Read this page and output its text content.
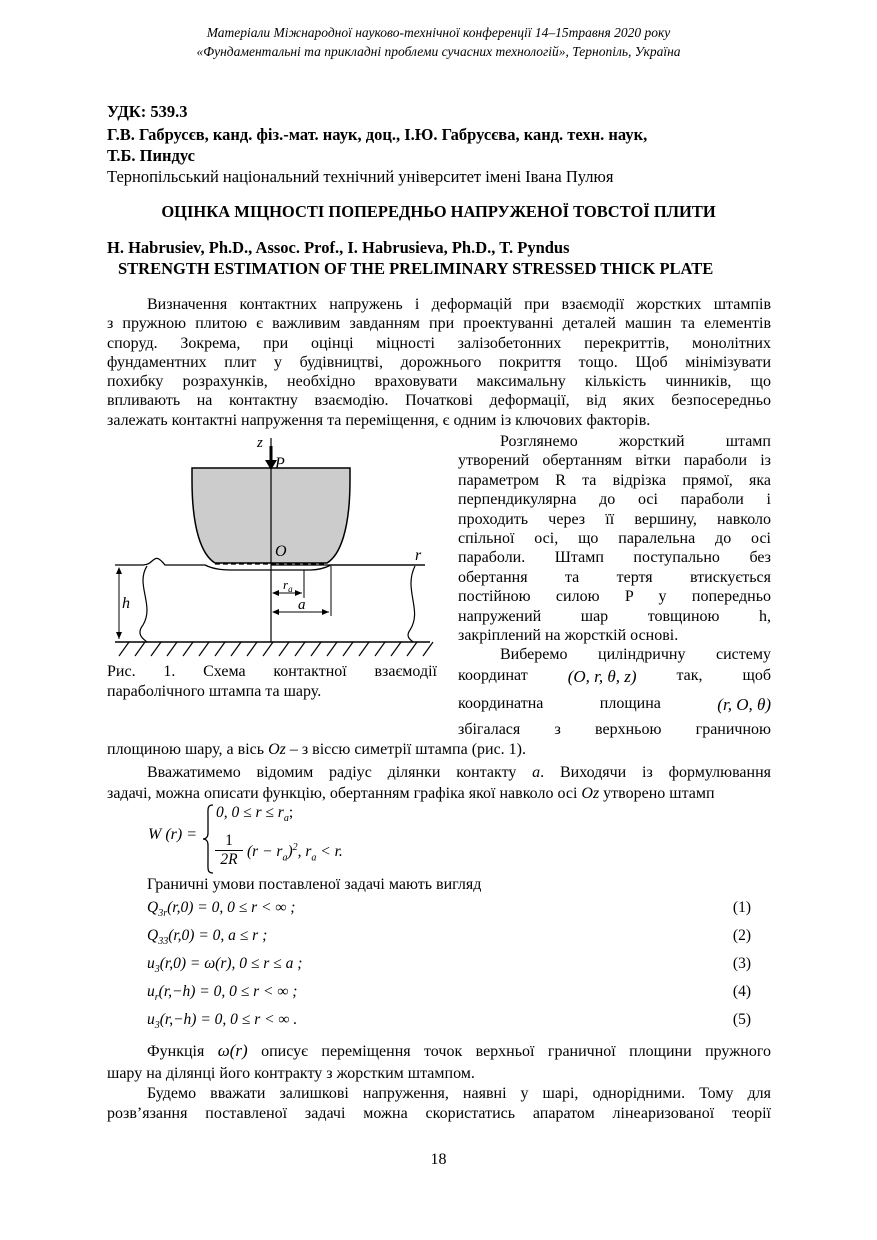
Матеріали Міжнародної науково-технічної конференції 14–15травня 2020 року
«Фундаментальні та прикладні проблеми сучасних технологій», Тернопіль, Україна
УДК: 539.3
Г.В. Габрусєв, канд. фіз.-мат. наук, доц., І.Ю. Габрусєва, канд. техн. наук,
Т.Б. Пиндус
Тернопільський національний технічний університет імені Івана Пулюя
ОЦІНКА МІЦНОСТІ ПОПЕРЕДНЬО НАПРУЖЕНОЇ ТОВСТОЇ ПЛИТИ
H. Habrusiev, Ph.D., Assoc. Prof., I. Habrusieva, Ph.D., T. Pyndus
STRENGTH ESTIMATION OF THE PRELIMINARY STRESSED THICK PLATE
Визначення контактних напружень і деформацій при взаємодії жорстких штампів
з пружною плитою є важливим завданням при проектуванні деталей машин та елементів
споруд. Зокрема, при оцінці міцності залізобетонних перекриттів, монолітних
фундаментних плит у будівництві, дорожнього покриття тощо. Щоб мінімізувати
похибку розрахунків, необхідно враховувати максимальну кількість чинників, що
впливають на контактну взаємодію. Початкові деформації, від яких безпосередньо
залежать контактні напруження та переміщення, є одним із ключових факторів.
z
P
O	r
h
$r_a$
a
Рис. 1. Схема контактної взаємодії
параболічного штампа та шару.
Розглянемо жорсткий штамп
утворений обертанням вітки параболи із
параметром R та відрізка прямої, яка
перпендикулярна до осі параболи і
проходить через її вершину, навколо
спільної осі, що паралельна до осі
параболи. Штамп поступально без
обертання та тертя втискується
постійною силою P у попередньо
напружений шар товщиною h,
закріплений на жорсткій основі.
Виберемо циліндричну систему
координат (O, r, θ, z) так, щоб
координатна	площина	(r, O, θ)
збігалася з верхньою граничною
площиною шару, а вісь Oz – з віссю симетрії штампа (рис. 1).
Вважатимемо відомим радіус ділянки контакту a. Виходячи із формулювання
задачі, можна описати функцію, обертанням графіка якої навколо осі Oz утворено штамп
W (r) =
0, $0 \le r \le r_a$;
$\frac{1}{2R} (r - r_a)^2$, $r_a < r$.
Граничні умови поставленої задачі мають вигляд
$Q_{3r}(r,0) = 0$, 0 ≤ r < ∞ ;	(1)
$Q_{33}(r,0) = 0$, a ≤ r ;	(2)
$u_3(r,0) = \omega(r)$, 0 ≤ r ≤ a ;	(3)
$u_r(r,-h) = 0$, 0 ≤ r < ∞ ;	(4)
$u_3(r,-h) = 0$, 0 ≤ r < ∞ .	(5)
Функція ω(r) описує переміщення точок верхньої граничної площини пружного
шару на ділянці його контракту з жорстким штампом.
Будемо вважати залишкові напруження, наявні у шарі, однорідними. Тому для
розв’язання поставленої задачі можна скористатись апаратом лінеаризованої теорії
18
